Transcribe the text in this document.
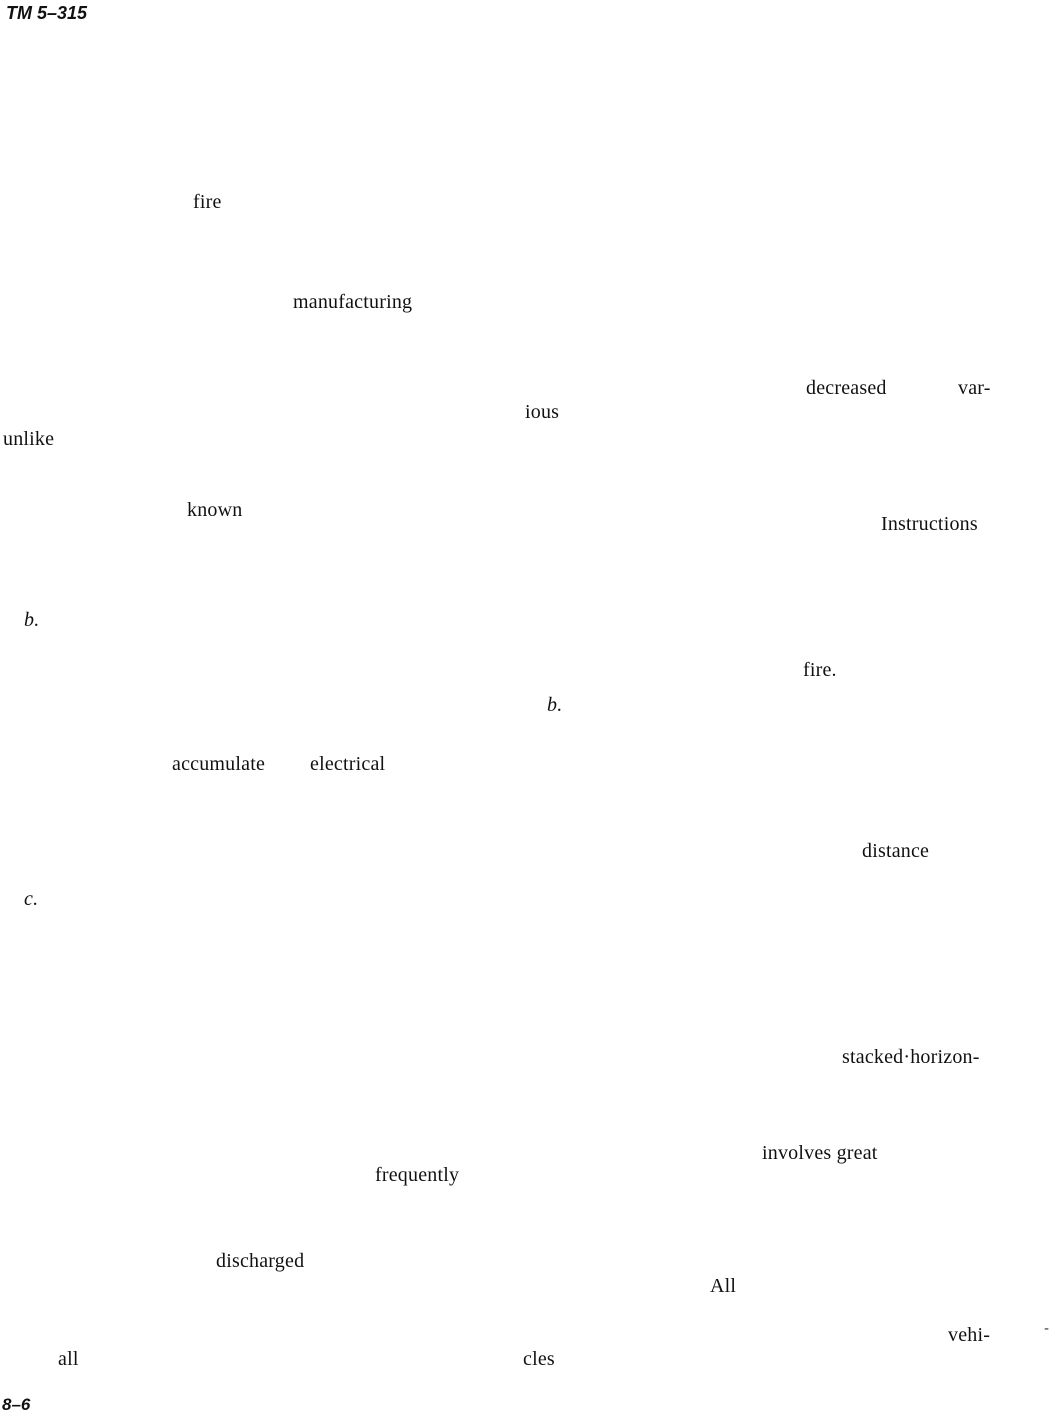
TM 5–315
8–6
fire
manufacturing
unlike
known
b.
accumulate electrical
c.
frequently
discharged
all
decreased	var-
ious
Instructions
fire.
b.
distance
stacked·horizon-
involves great
All
vehi-
cles
-
